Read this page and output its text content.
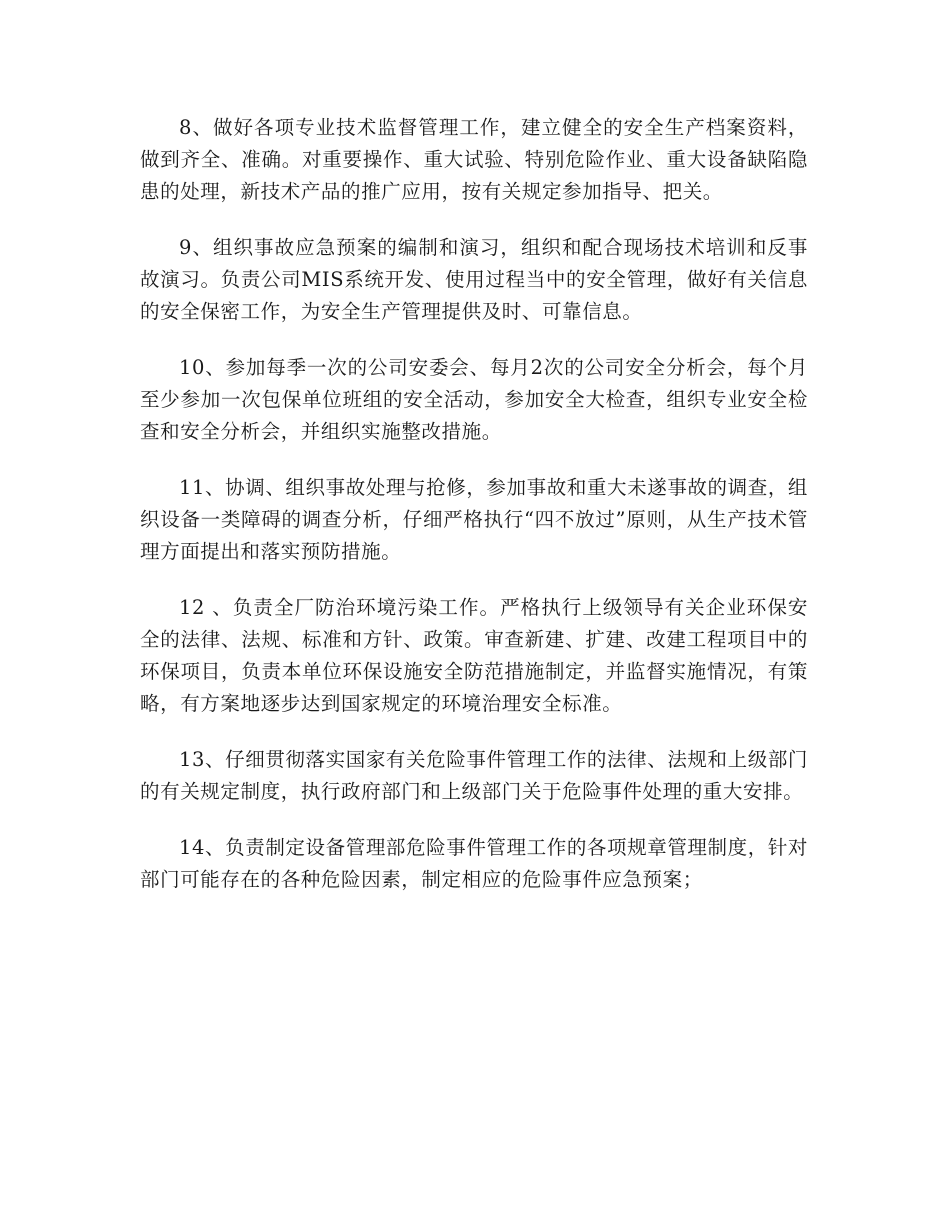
8、做好各项专业技术监督管理工作，建立健全的安全生产档案资料，做到齐全、准确。对重要操作、重大试验、特别危险作业、重大设备缺陷隐患的处理，新技术产品的推广应用，按有关规定参加指导、把关。

9、组织事故应急预案的编制和演习，组织和配合现场技术培训和反事故演习。负责公司MIS系统开发、使用过程当中的安全管理，做好有关信息的安全保密工作，为安全生产管理提供及时、可靠信息。

10、参加每季一次的公司安委会、每月2次的公司安全分析会，每个月至少参加一次包保单位班组的安全活动，参加安全大检查，组织专业安全检查和安全分析会，并组织实施整改措施。

11、协调、组织事故处理与抢修，参加事故和重大未遂事故的调查，组织设备一类障碍的调查分析，仔细严格执行“四不放过”原则，从生产技术管理方面提出和落实预防措施。

12 、负责全厂防治环境污染工作。严格执行上级领导有关企业环保安全的法律、法规、标准和方针、政策。审查新建、扩建、改建工程项目中的环保项目，负责本单位环保设施安全防范措施制定，并监督实施情况，有策略，有方案地逐步达到国家规定的环境治理安全标准。

13、仔细贯彻落实国家有关危险事件管理工作的法律、法规和上级部门的有关规定制度，执行政府部门和上级部门关于危险事件处理的重大安排。

14、负责制定设备管理部危险事件管理工作的各项规章管理制度，针对部门可能存在的各种危险因素，制定相应的危险事件应急预案；
